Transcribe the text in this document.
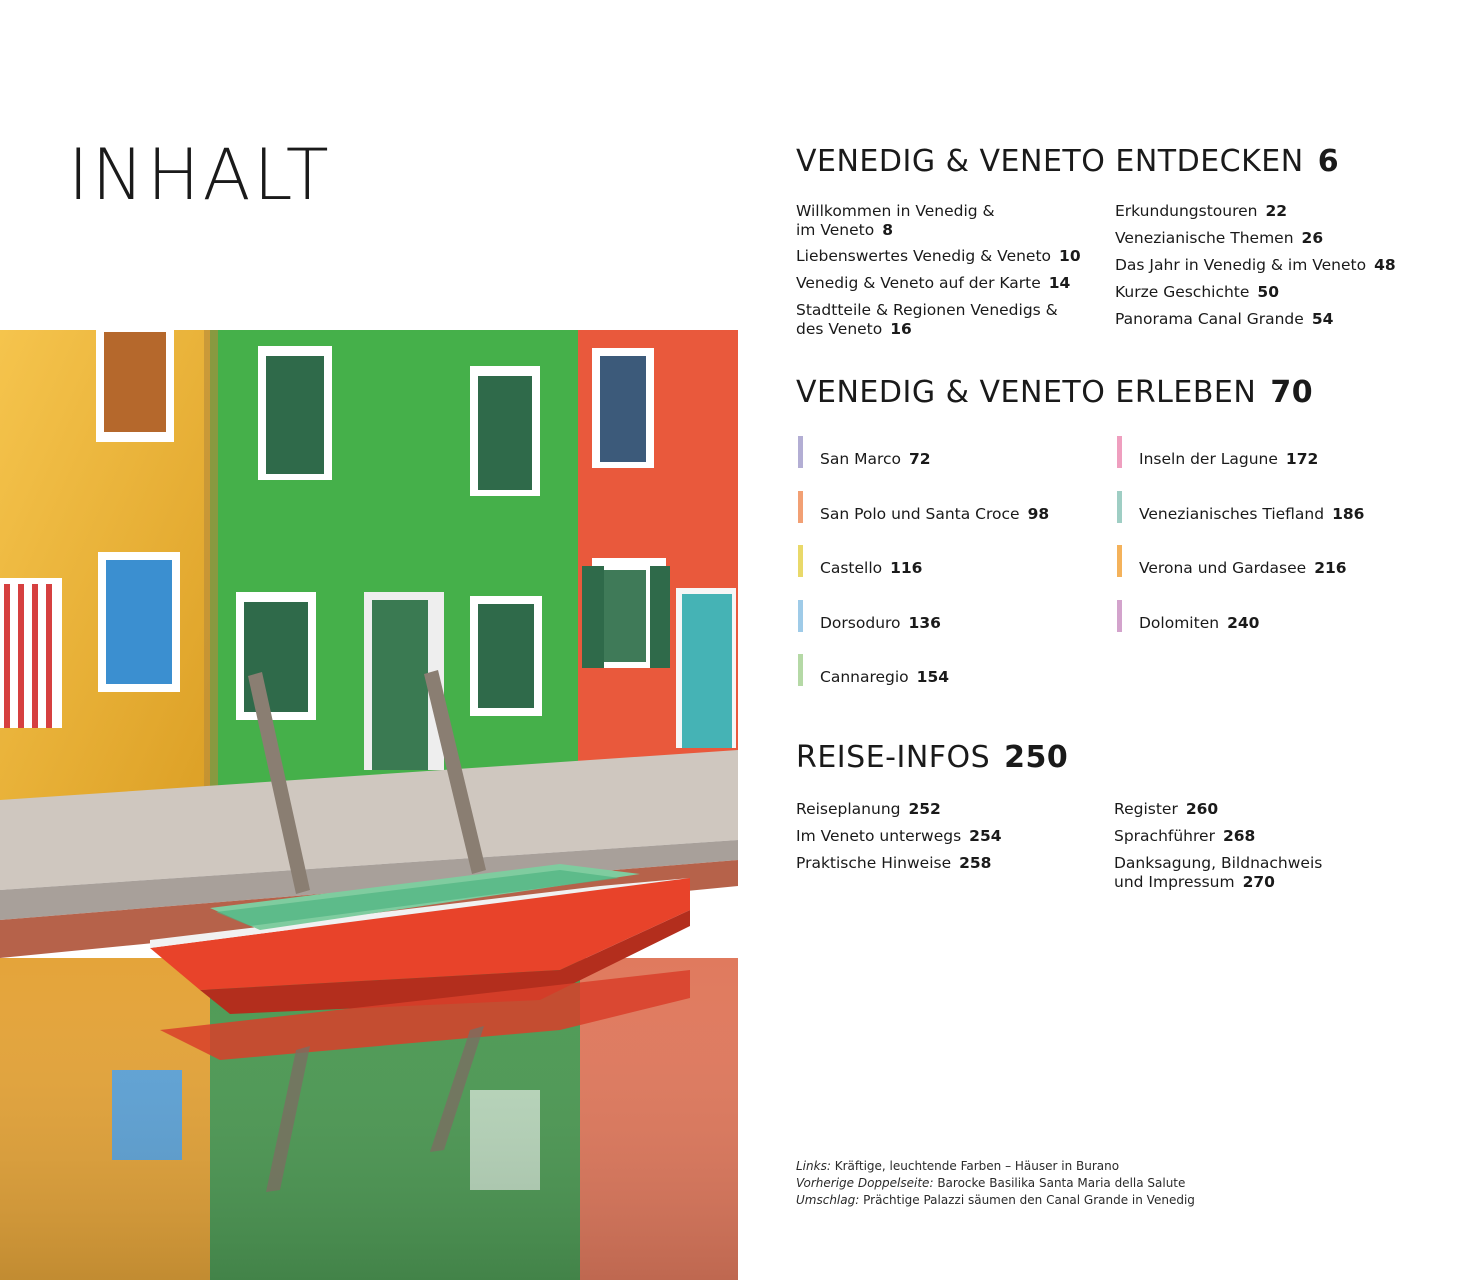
INHALT	VENEDIG & VENETO ENTDECKEN 6
Willkommen in Venedig &
im Veneto 8
Liebenswertes Venedig & Veneto 10
Venedig & Veneto auf der Karte 14
Stadtteile & Regionen Venedigs &
des Veneto 16
Erkundungstouren 22
Venezianische Themen 26
Das Jahr in Venedig & im Veneto 48
Kurze Geschichte 50
Panorama Canal Grande 54
VENEDIG & VENETO ERLEBEN 70
San Marco 72
San Polo und Santa Croce 98
Castello 116
Dorsoduro 136
Cannaregio 154
Inseln der Lagune 172
Venezianisches Tiefland 186
Verona und Gardasee 216
Dolomiten 240
REISE-INFOS 250
Reiseplanung 252
Im Veneto unterwegs 254
Praktische Hinweise 258
Register 260
Sprachführer 268
Danksagung, Bildnachweis
und Impressum 270
Links: Kräftige, leuchtende Farben – Häuser in Burano
Vorherige Doppelseite: Barocke Basilika Santa Maria della Salute
Umschlag: Prächtige Palazzi säumen den Canal Grande in Venedig
